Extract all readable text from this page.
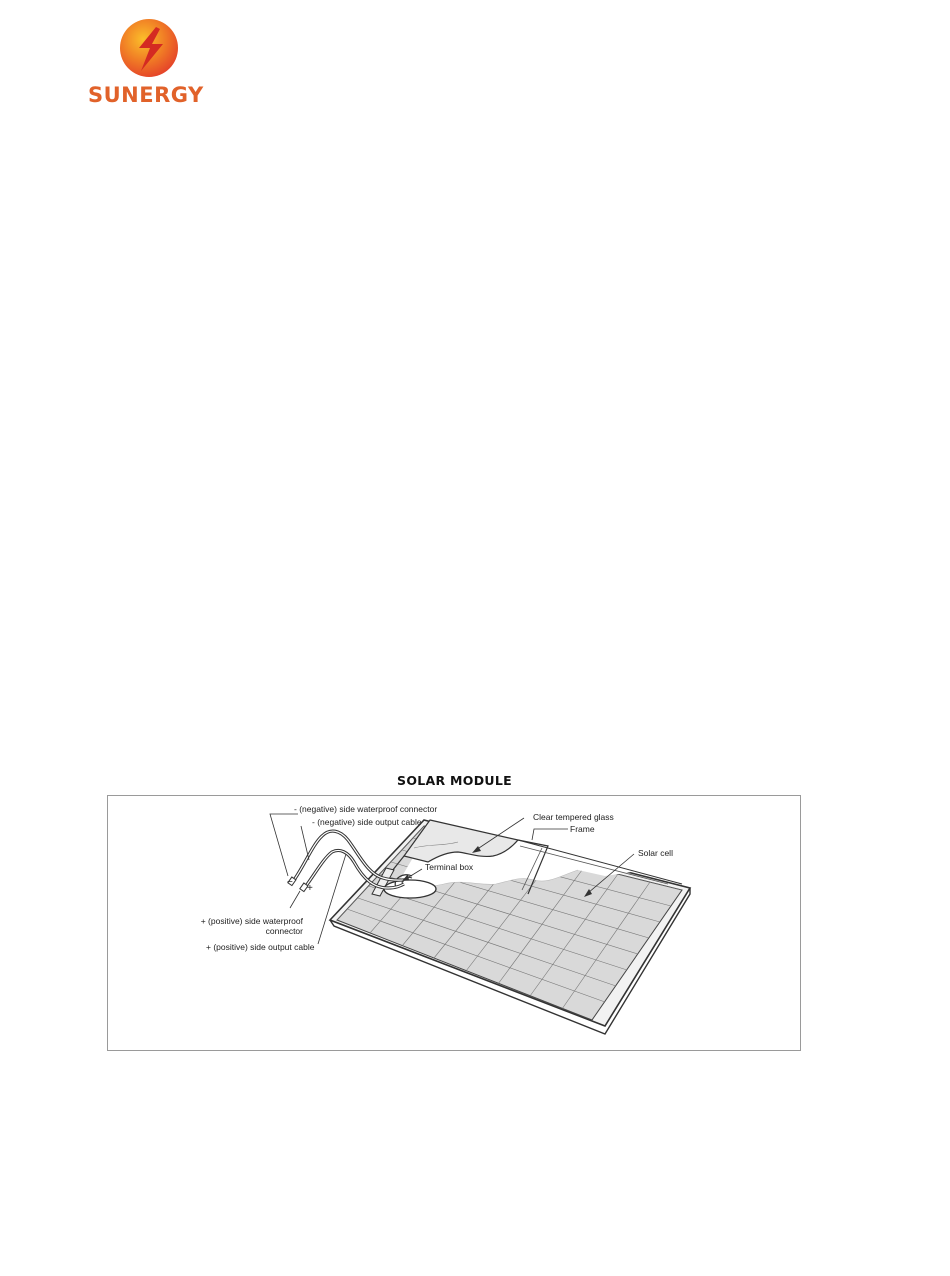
SUNERGY
SOLAR MODULE
- (negative) side waterproof connector
- (negative) side output cable
−
+
+ (positive) side waterproof
connector
+ (positive) side output cable
Terminal box
Clear tempered glass
Frame
Solar cell
